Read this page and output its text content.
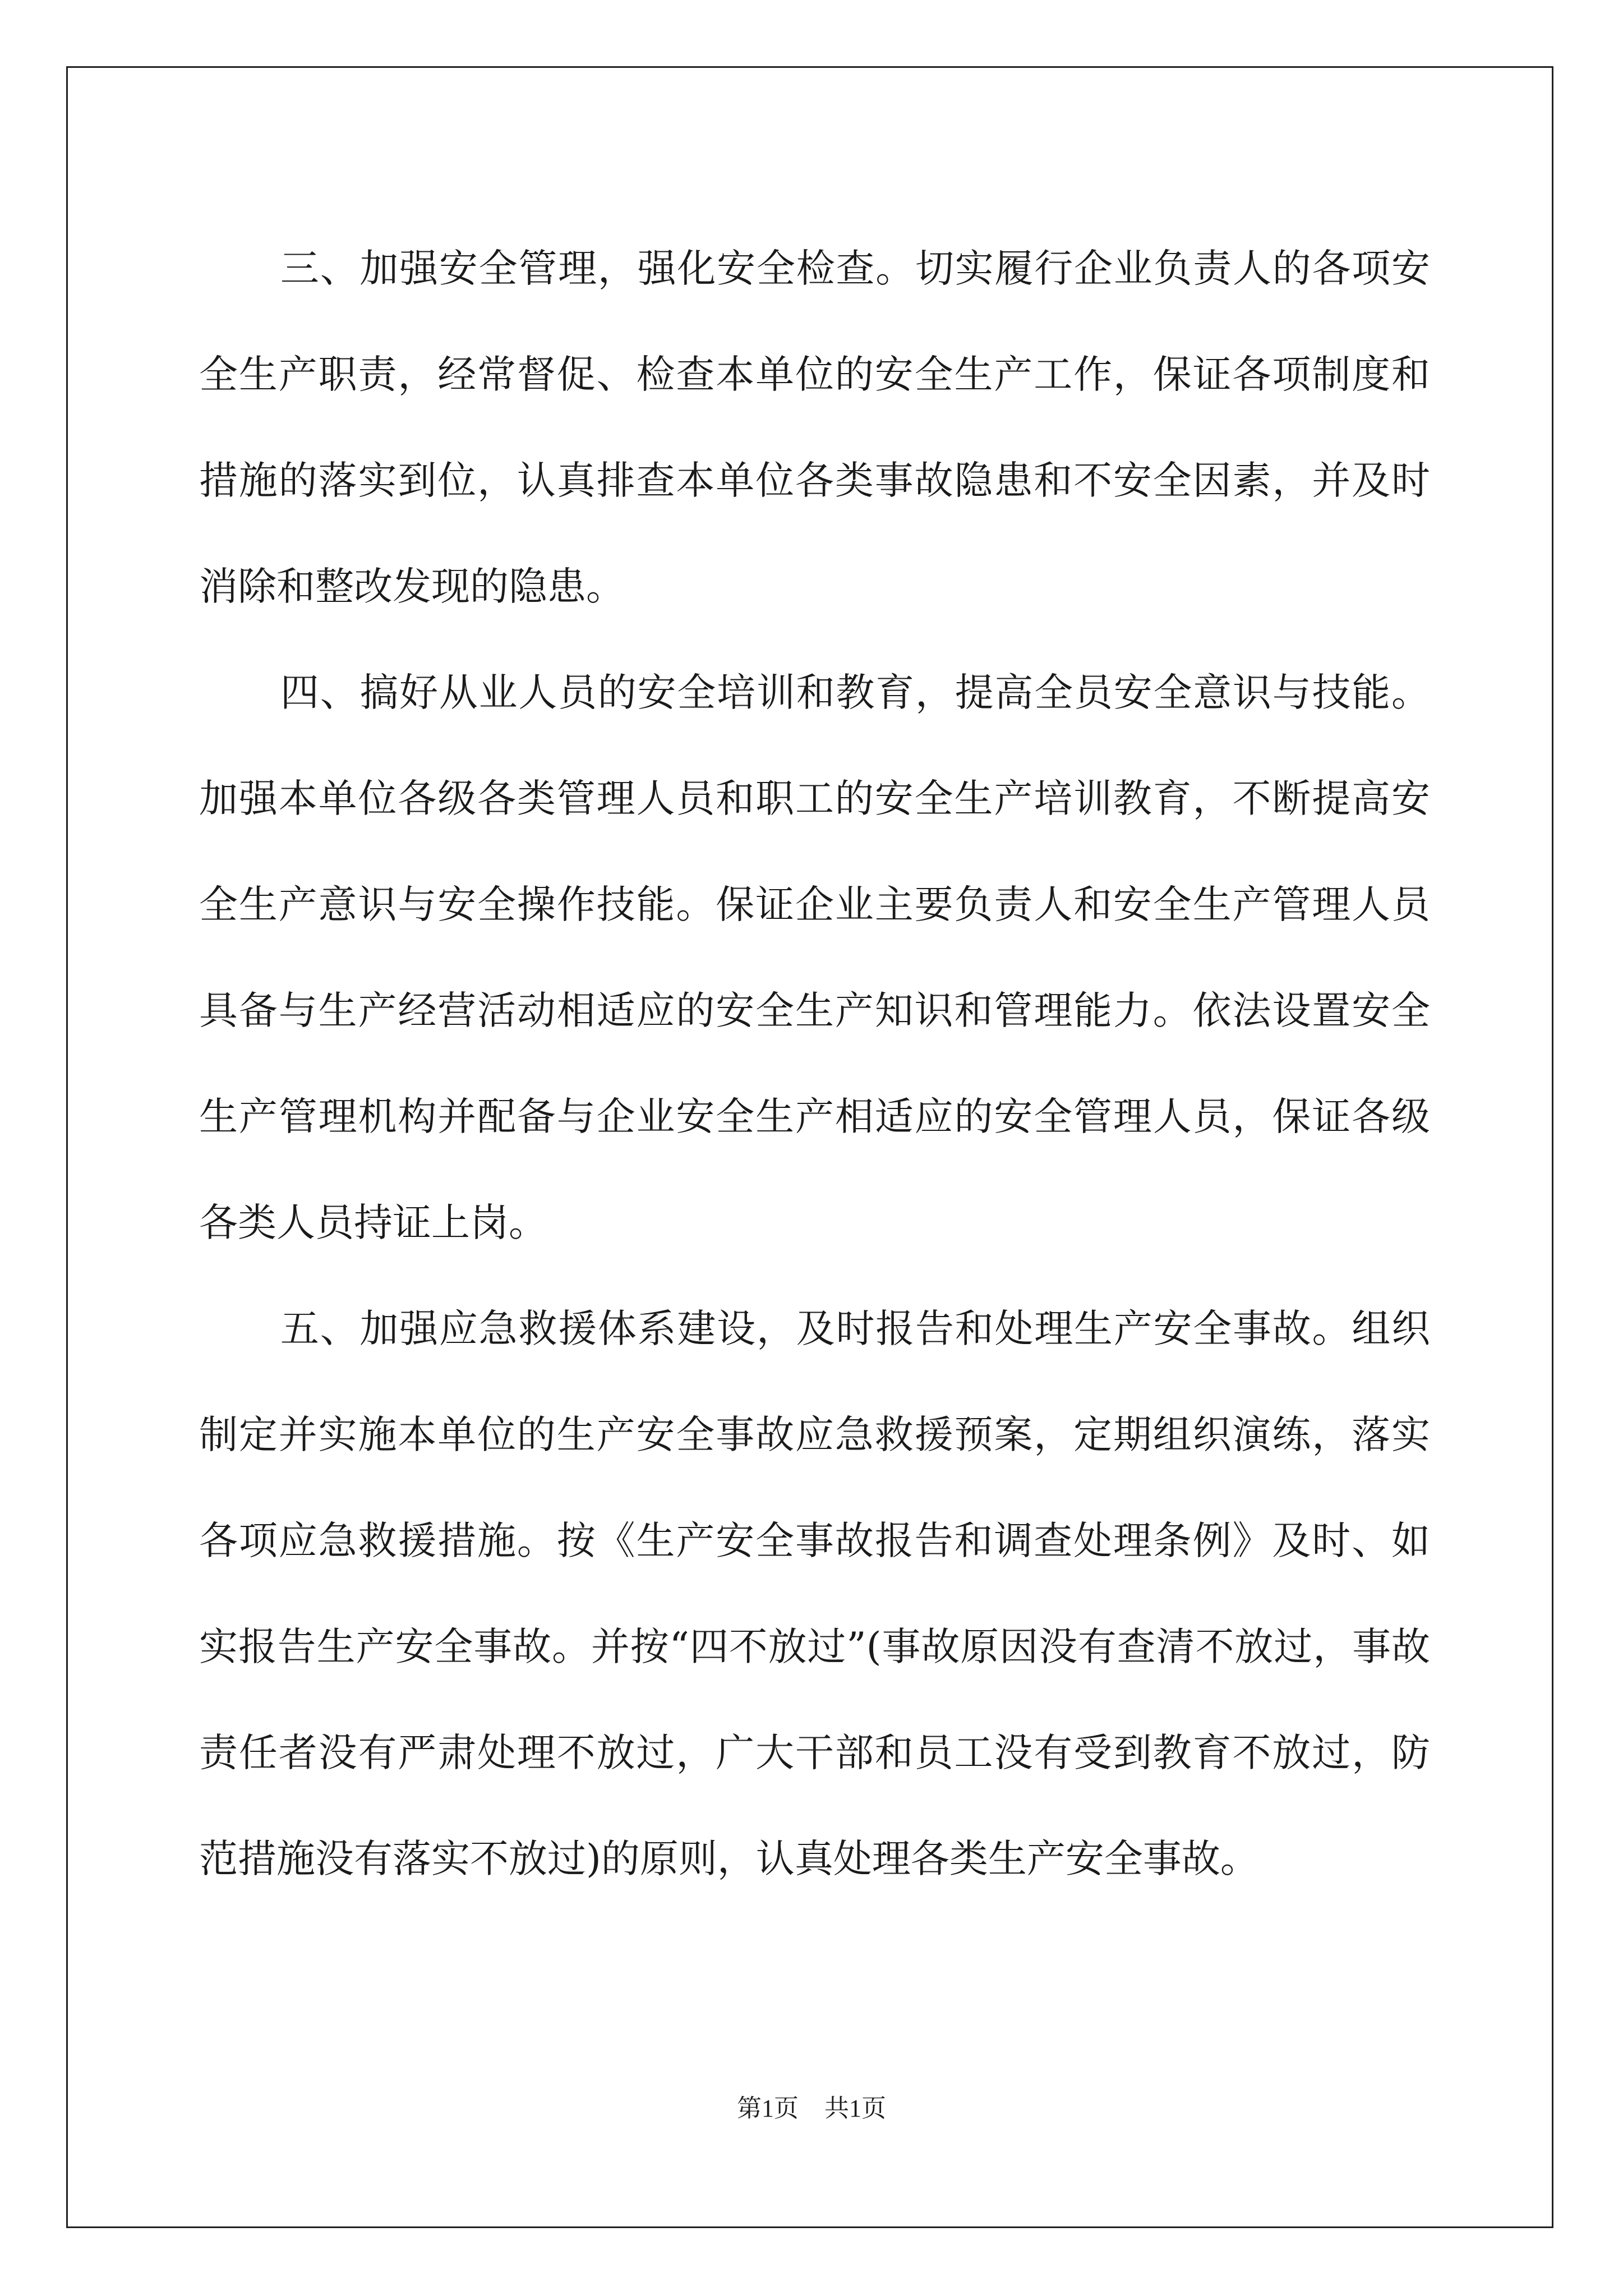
三、加强安全管理，强化安全检查。切实履行企业负责人的各项安全生产职责，经常督促、检查本单位的安全生产工作，保证各项制度和措施的落实到位，认真排查本单位各类事故隐患和不安全因素，并及时消除和整改发现的隐患。

四、搞好从业人员的安全培训和教育，提高全员安全意识与技能。加强本单位各级各类管理人员和职工的安全生产培训教育，不断提高安全生产意识与安全操作技能。保证企业主要负责人和安全生产管理人员具备与生产经营活动相适应的安全生产知识和管理能力。依法设置安全生产管理机构并配备与企业安全生产相适应的安全管理人员，保证各级各类人员持证上岗。

五、加强应急救援体系建设，及时报告和处理生产安全事故。组织制定并实施本单位的生产安全事故应急救援预案，定期组织演练，落实各项应急救援措施。按《生产安全事故报告和调查处理条例》及时、如实报告生产安全事故。并按“四不放过”(事故原因没有查清不放过，事故责任者没有严肃处理不放过，广大干部和员工没有受到教育不放过，防范措施没有落实不放过)的原则，认真处理各类生产安全事故。

第1页 共1页
